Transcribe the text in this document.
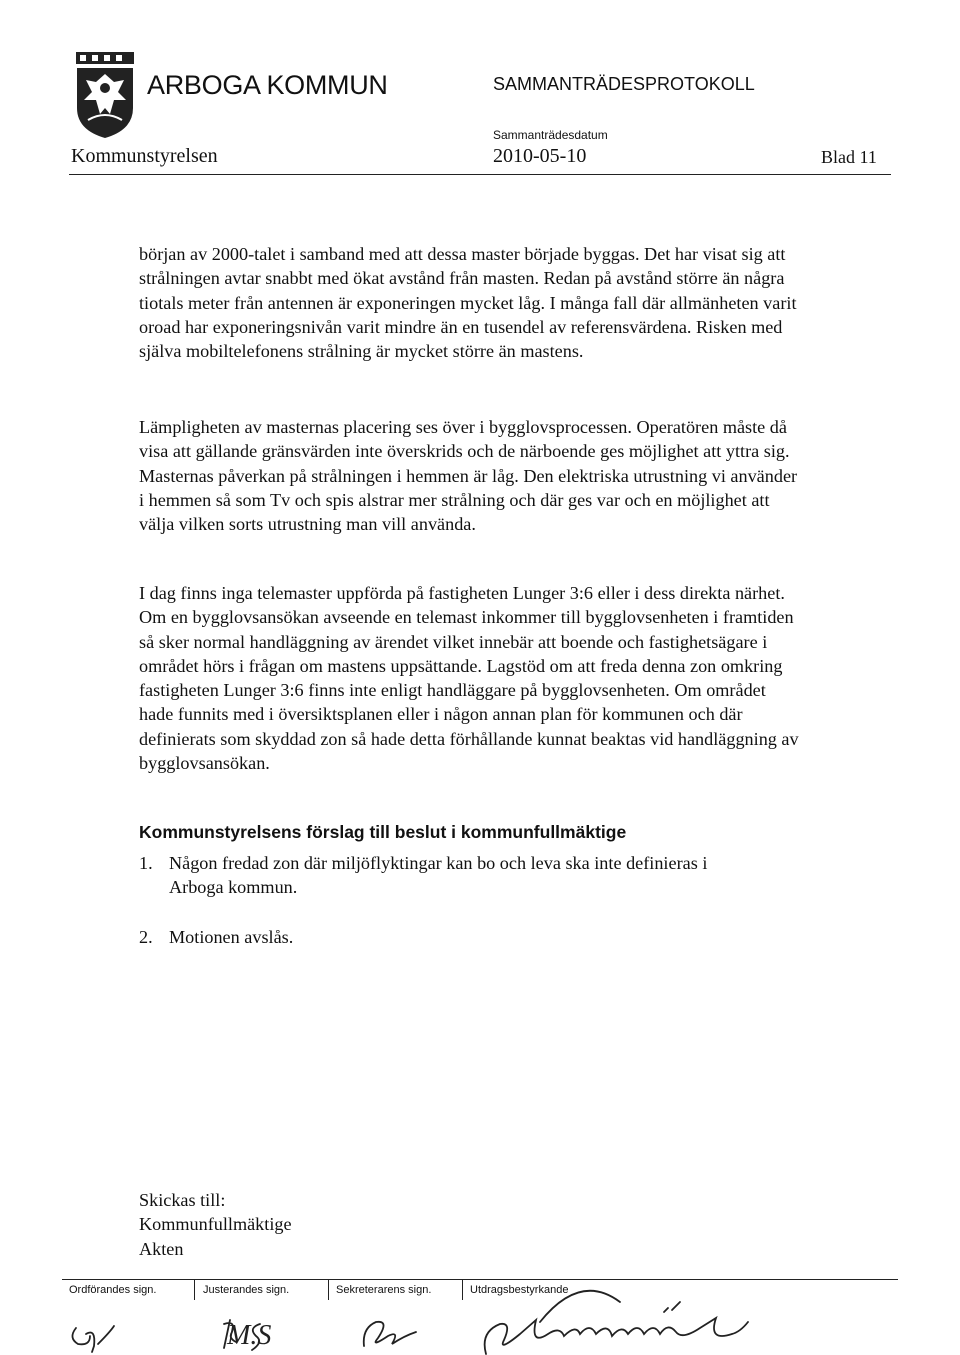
ARBOGA KOMMUN	SAMMANTRÄDESPROTOKOLL
Sammanträdesdatum
Kommunstyrelsen	2010-05-10	Blad 11

början av 2000-talet i samband med att dessa master började byggas. Det har visat sig att strålningen avtar snabbt med ökat avstånd från masten. Redan på avstånd större än några tiotals meter från antennen är exponeringen mycket låg. I många fall där allmänheten varit oroad har exponeringsnivån varit mindre än en tusendel av referensvärdena. Risken med själva mobiltelefonens strålning är mycket större än mastens.

Lämpligheten av masternas placering ses över i bygglovsprocessen. Operatören måste då visa att gällande gränsvärden inte överskrids och de närboende ges möjlighet att yttra sig. Masternas påverkan på strålningen i hemmen är låg. Den elektriska utrustning vi använder i hemmen så som Tv och spis alstrar mer strålning och där ges var och en möjlighet att välja vilken sorts utrustning man vill använda.

I dag finns inga telemaster uppförda på fastigheten Lunger 3:6 eller i dess direkta närhet. Om en bygglovsansökan avseende en telemast inkommer till bygglovsenheten i framtiden så sker normal handläggning av ärendet vilket innebär att boende och fastighetsägare i området hörs i frågan om mastens uppsättande. Lagstöd om att freda denna zon omkring fastigheten Lunger 3:6 finns inte enligt handläggare på bygglovsenheten. Om området hade funnits med i översiktsplanen eller i någon annan plan för kommunen och där definierats som skyddad zon så hade detta förhållande kunnat beaktas vid handläggning av bygglovsansökan.

Kommunstyrelsens förslag till beslut i kommunfullmäktige
1. Någon fredad zon där miljöflyktingar kan bo och leva ska inte definieras i Arboga kommun.
2. Motionen avslås.
Skickas till:
Kommunfullmäktige
Akten
Ordförandes sign.	Justerandes sign.	Sekreterarens sign.	Utdragsbestyrkande
M.S
